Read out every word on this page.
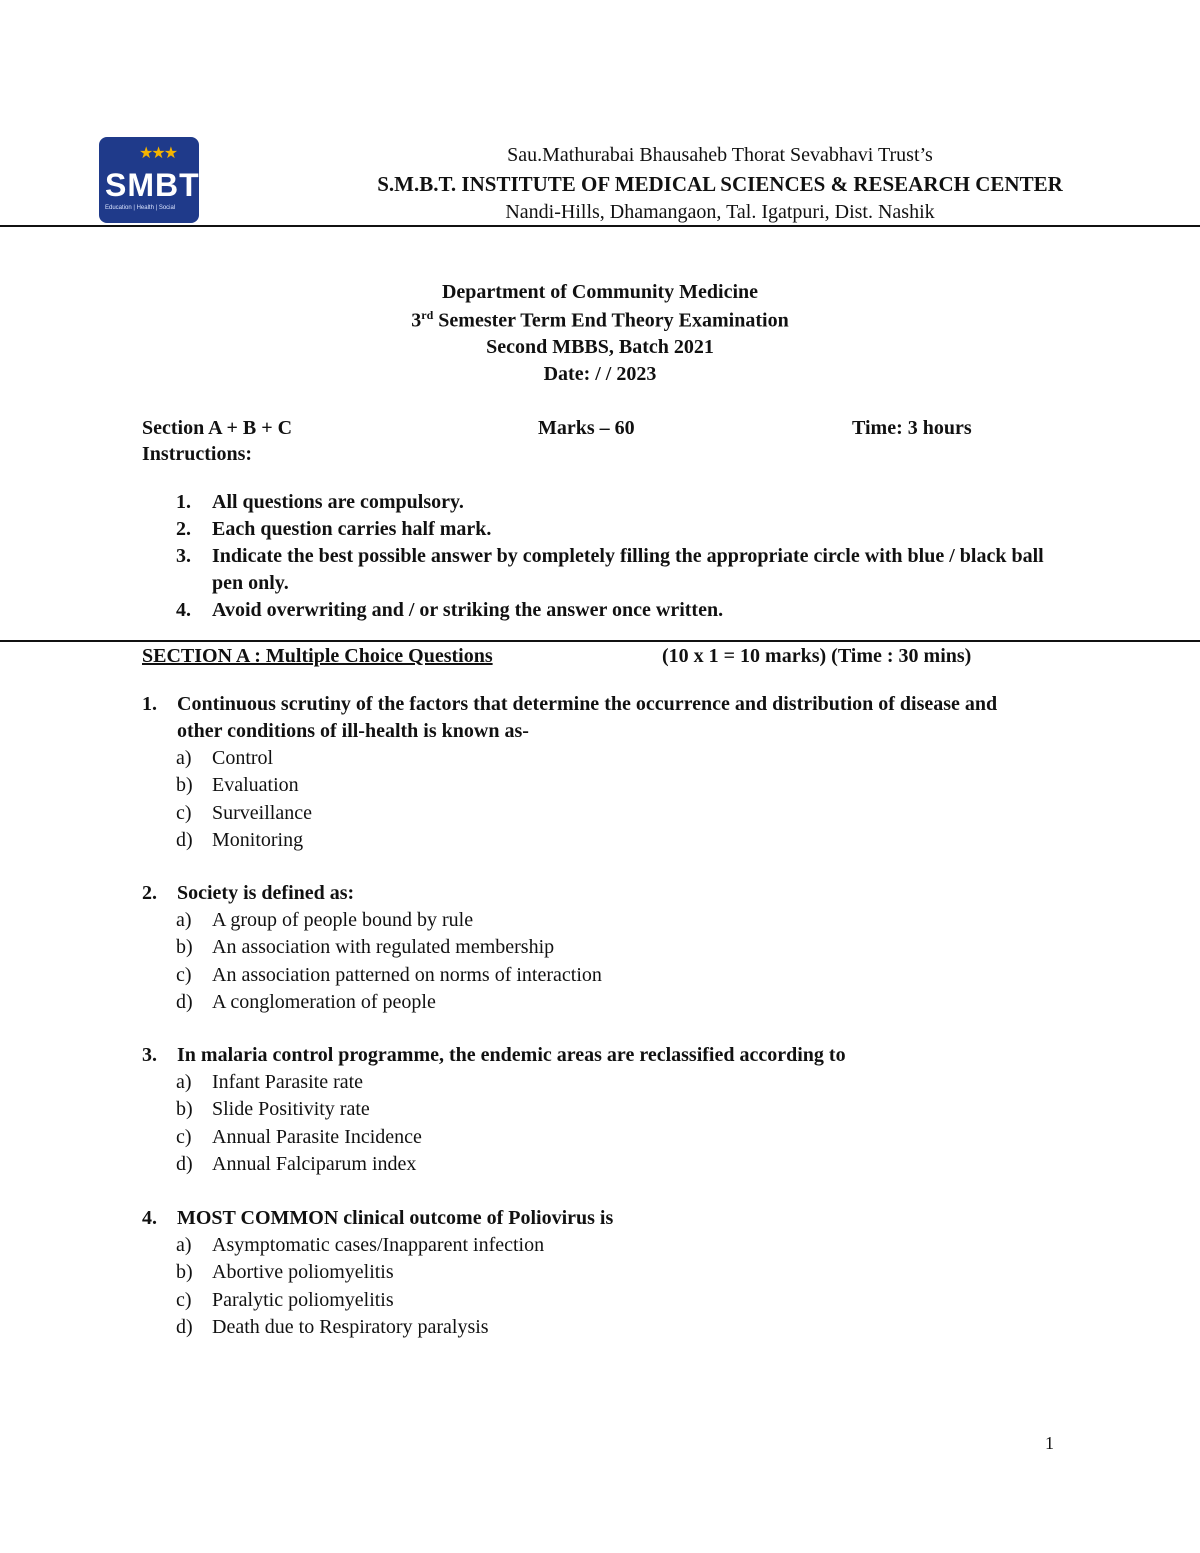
★★★
SMBT
Education | Health | Social
Sau.Mathurabai Bhausaheb Thorat Sevabhavi Trust’s
S.M.B.T. INSTITUTE OF MEDICAL SCIENCES & RESEARCH CENTER
Nandi-Hills, Dhamangaon, Tal. Igatpuri, Dist. Nashik
Department of Community Medicine
3rd Semester Term End Theory Examination
Second MBBS, Batch 2021
Date: / / 2023
Section A + B + C	Marks – 60	Time: 3 hours
Instructions:
1. All questions are compulsory.
2. Each question carries half mark.
3. Indicate the best possible answer by completely filling the appropriate circle with blue / black ball pen only.
4. Avoid overwriting and / or striking the answer once written.
SECTION A : Multiple Choice Questions	(10 x 1 = 10 marks) (Time : 30 mins)
1. Continuous scrutiny of the factors that determine the occurrence and distribution of disease and other conditions of ill-health is known as-
a) Control
b) Evaluation
c) Surveillance
d) Monitoring
2. Society is defined as:
a) A group of people bound by rule
b) An association with regulated membership
c) An association patterned on norms of interaction
d) A conglomeration of people
3. In malaria control programme, the endemic areas are reclassified according to
a) Infant Parasite rate
b) Slide Positivity rate
c) Annual Parasite Incidence
d) Annual Falciparum index
4. MOST COMMON clinical outcome of Poliovirus is
a) Asymptomatic cases/Inapparent infection
b) Abortive poliomyelitis
c) Paralytic poliomyelitis
d) Death due to Respiratory paralysis
1
